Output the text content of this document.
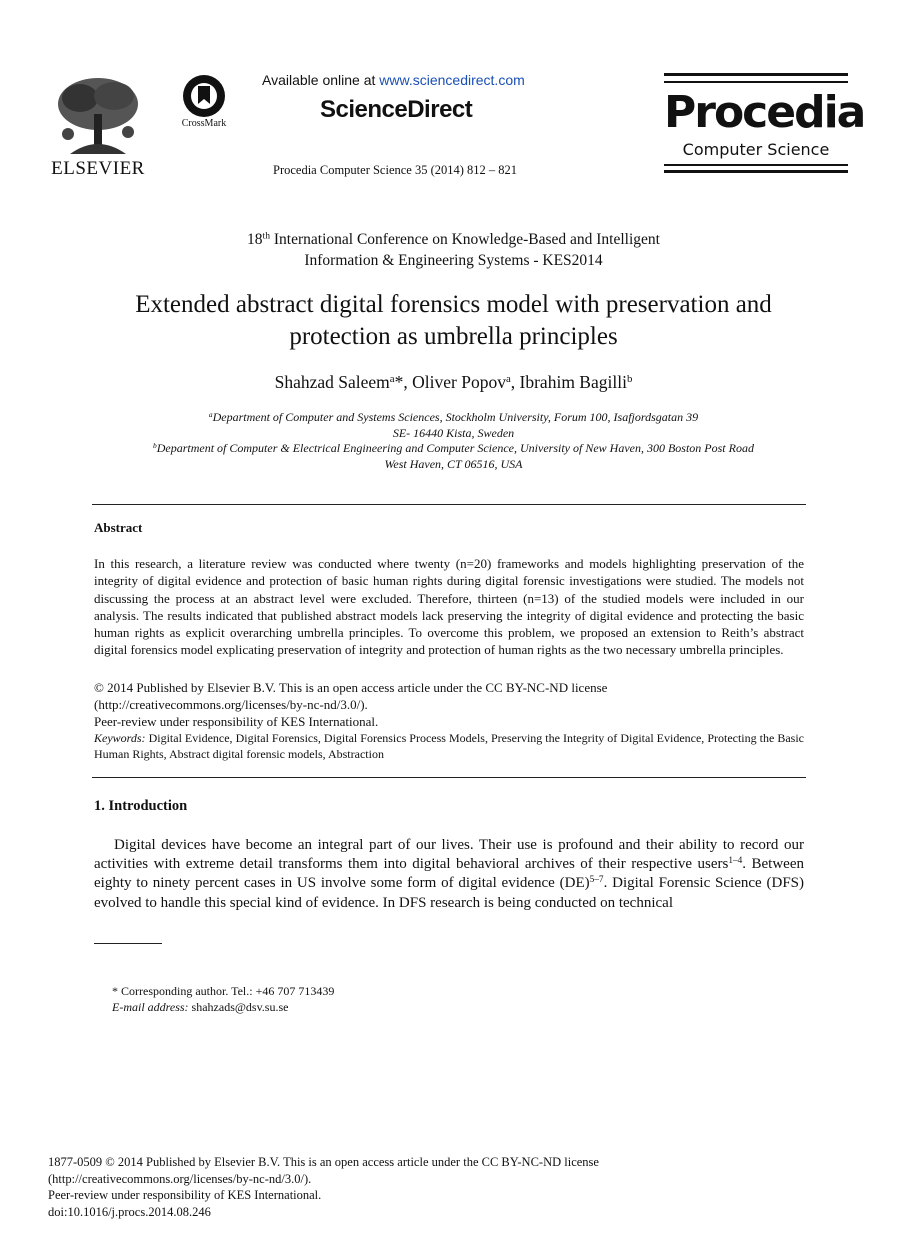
ELSEVIER
CrossMark
Available online at www.sciencedirect.com
ScienceDirect
Procedia Computer Science 35 (2014) 812 – 821
Procedia
Computer Science
18th International Conference on Knowledge-Based and Intelligent
Information & Engineering Systems - KES2014
Extended abstract digital forensics model with preservation and
protection as umbrella principles
Shahzad Saleem$^a$*, Oliver Popov$^a$, Ibrahim Bagilli$^b$
$^a$Department of Computer and Systems Sciences, Stockholm University, Forum 100, Isafjordsgatan 39
SE- 16440 Kista, Sweden
$^b$Department of Computer & Electrical Engineering and Computer Science, University of New Haven, 300 Boston Post Road
West Haven, CT 06516, USA
Abstract
In this research, a literature review was conducted where twenty (n=20) frameworks and models highlighting preservation of the integrity of digital evidence and protection of basic human rights during digital forensic investigations were studied. The models not discussing the process at an abstract level were excluded. Therefore, thirteen (n=13) of the studied models were included in our analysis. The results indicated that published abstract models lack preserving the integrity of digital evidence and protecting the basic human rights as explicit overarching umbrella principles. To overcome this problem, we proposed an extension to Reith’s abstract digital forensics model explicating preservation of integrity and protection of human rights as the two necessary umbrella principles.
© 2014 Published by Elsevier B.V. This is an open access article under the CC BY-NC-ND license
(http://creativecommons.org/licenses/by-nc-nd/3.0/).
Peer-review under responsibility of KES International.
Keywords: Digital Evidence, Digital Forensics, Digital Forensics Process Models, Preserving the Integrity of Digital Evidence, Protecting the Basic Human Rights, Abstract digital forensic models, Abstraction
1. Introduction
Digital devices have become an integral part of our lives. Their use is profound and their ability to record our activities with extreme detail transforms them into digital behavioral archives of their respective users$^{1-4}$. Between eighty to ninety percent cases in US involve some form of digital evidence (DE)$^{5-7}$. Digital Forensic Science (DFS) evolved to handle this special kind of evidence. In DFS research is being conducted on technical
* Corresponding author. Tel.: +46 707 713439
E-mail address: shahzads@dsv.su.se
1877-0509 © 2014 Published by Elsevier B.V. This is an open access article under the CC BY-NC-ND license
(http://creativecommons.org/licenses/by-nc-nd/3.0/).
Peer-review under responsibility of KES International.
doi:10.1016/j.procs.2014.08.246
